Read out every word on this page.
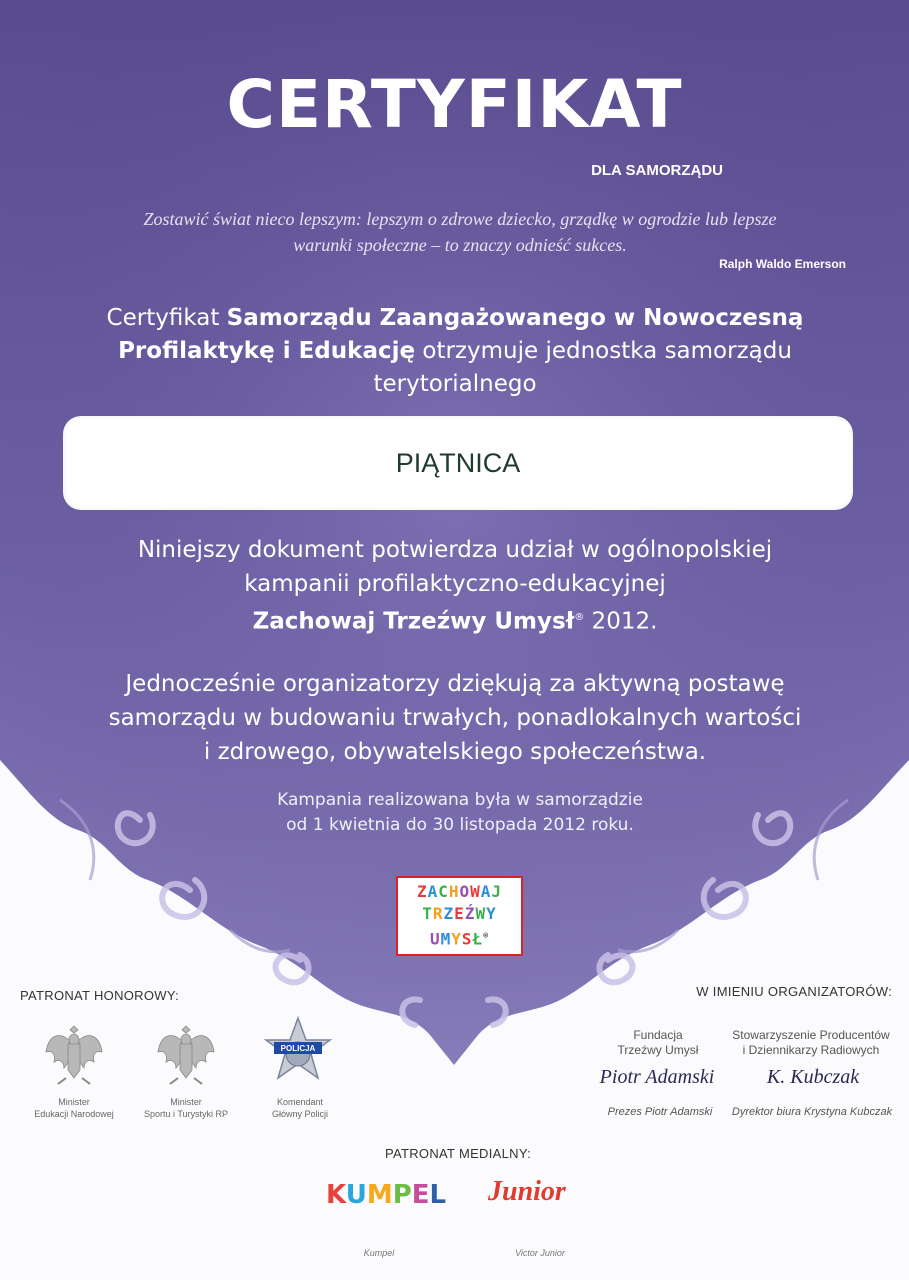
CERTYFIKAT
DLA SAMORZĄDU
Zostawić świat nieco lepszym: lepszym o zdrowe dziecko, grządkę w ogrodzie lub lepsze
warunki społeczne – to znaczy odnieść sukces.
Ralph Waldo Emerson
Certyfikat Samorządu Zaangażowanego w Nowoczesną Profilaktykę i Edukację otrzymuje jednostka samorządu terytorialnego
PIĄTNICA
Niniejszy dokument potwierdza udział w ogólnopolskiej
kampanii profilaktyczno-edukacyjnej
Zachowaj Trzeźwy Umysł® 2012.
Jednocześnie organizatorzy dziękują za aktywną postawę
samorządu w budowaniu trwałych, ponadlokalnych wartości
i zdrowego, obywatelskiego społeczeństwa.
Kampania realizowana była w samorządzie
od 1 kwietnia do 30 listopada 2012 roku.
ZACHOWAJ
TRZEŹWY
UMYSŁ®
PATRONAT HONOROWY:
Minister
Edukacji Narodowej
Minister
Sportu i Turystyki RP
POLICJA
Komendant
Główny Policji
W IMIENIU ORGANIZATORÓW:
Fundacja
Trzeźwy Umysł
Piotr Adamski
Prezes Piotr Adamski
Stowarzyszenie Producentów
i Dziennikarzy Radiowych
K. Kubczak
Dyrektor biura Krystyna Kubczak
PATRONAT MEDIALNY:
KUMPEL
Kumpel
Junior
Victor Junior
